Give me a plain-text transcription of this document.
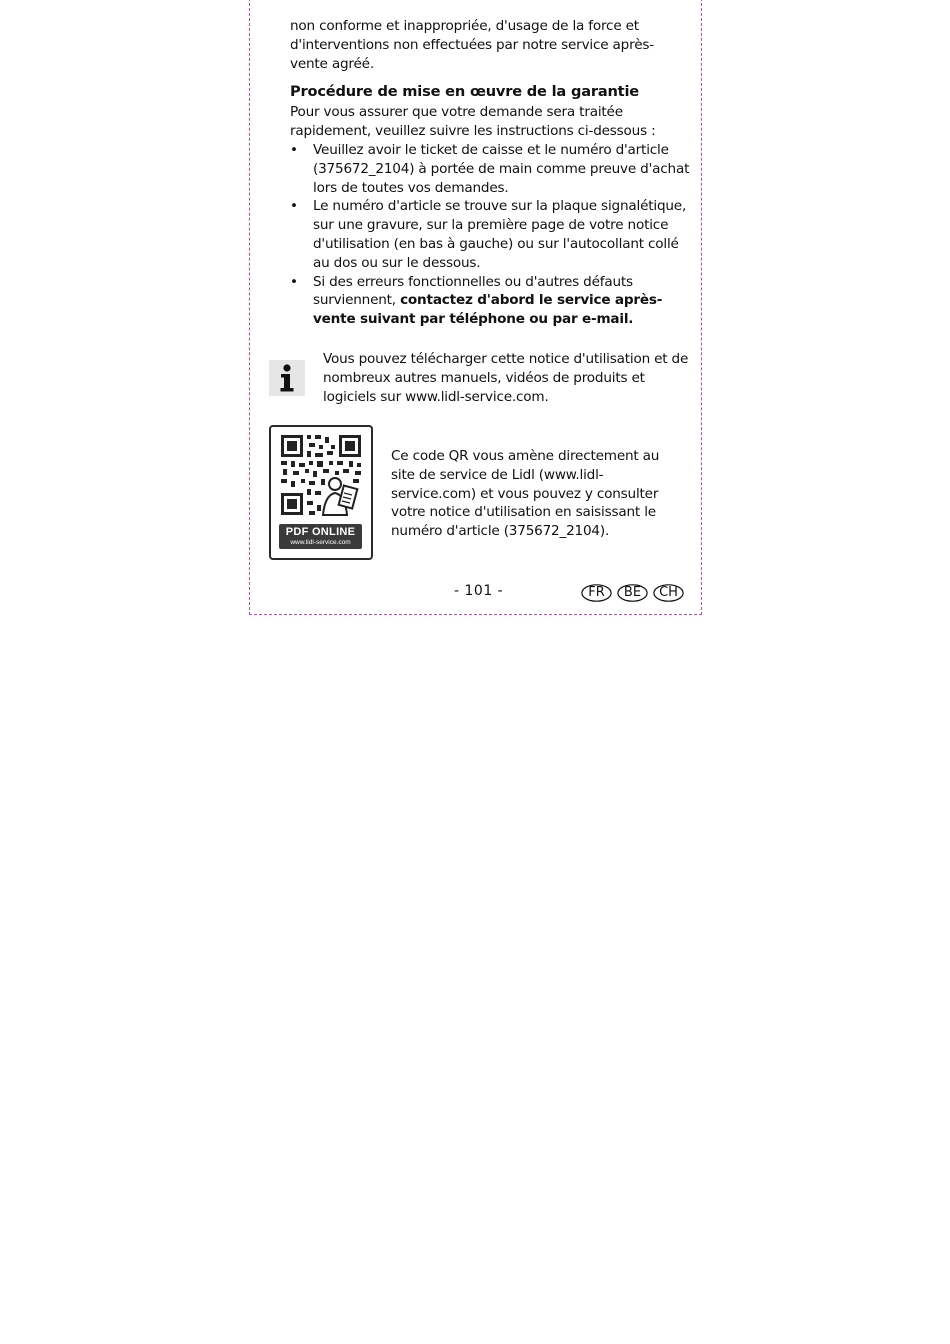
non conforme et inappropriée, d'usage de la force et d'interventions non effectuées par notre service après-vente agréé.
Procédure de mise en œuvre de la garantie
Pour vous assurer que votre demande sera traitée rapidement, veuillez suivre les instructions ci-dessous :
• Veuillez avoir le ticket de caisse et le numéro d'article (375672_2104) à portée de main comme preuve d'achat lors de toutes vos demandes.
• Le numéro d'article se trouve sur la plaque signalétique, sur une gravure, sur la première page de votre notice d'utilisation (en bas à gauche) ou sur l'autocollant collé au dos ou sur le dessous.
• Si des erreurs fonctionnelles ou d'autres défauts surviennent, contactez d'abord le service après-vente suivant par téléphone ou par e-mail.
Vous pouvez télécharger cette notice d'utilisation et de nombreux autres manuels, vidéos de produits et logiciels sur www.lidl-service.com.
PDF ONLINE
www.lidl-service.com
Ce code QR vous amène directement au site de service de Lidl (www.lidl-service.com) et vous pouvez y consulter votre notice d'utilisation en saisissant le numéro d'article (375672_2104).
- 101 -	FR	BE	CH
